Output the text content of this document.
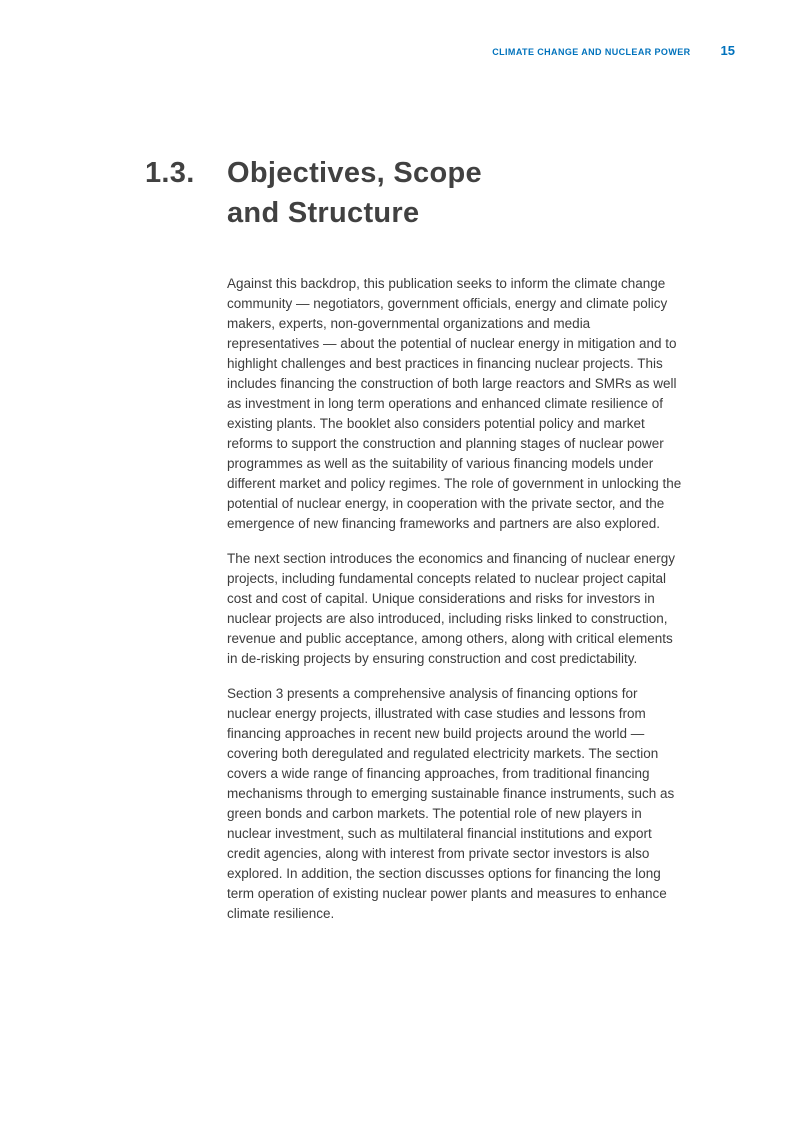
CLIMATE CHANGE AND NUCLEAR POWER 15
1.3.	Objectives, Scope
and Structure

Against this backdrop, this publication seeks to inform the climate change community — negotiators, government officials, energy and climate policy makers, experts, non-governmental organizations and media representatives — about the potential of nuclear energy in mitigation and to highlight challenges and best practices in financing nuclear projects. This includes financing the construction of both large reactors and SMRs as well as investment in long term operations and enhanced climate resilience of existing plants. The booklet also considers potential policy and market reforms to support the construction and planning stages of nuclear power programmes as well as the suitability of various financing models under different market and policy regimes. The role of government in unlocking the potential of nuclear energy, in cooperation with the private sector, and the emergence of new financing frameworks and partners are also explored.

The next section introduces the economics and financing of nuclear energy projects, including fundamental concepts related to nuclear project capital cost and cost of capital. Unique considerations and risks for investors in nuclear projects are also introduced, including risks linked to construction, revenue and public acceptance, among others, along with critical elements in de-risking projects by ensuring construction and cost predictability.

Section 3 presents a comprehensive analysis of financing options for nuclear energy projects, illustrated with case studies and lessons from financing approaches in recent new build projects around the world — covering both deregulated and regulated electricity markets. The section covers a wide range of financing approaches, from traditional financing mechanisms through to emerging sustainable finance instruments, such as green bonds and carbon markets. The potential role of new players in nuclear investment, such as multilateral financial institutions and export credit agencies, along with interest from private sector investors is also explored. In addition, the section discusses options for financing the long term operation of existing nuclear power plants and measures to enhance climate resilience.
